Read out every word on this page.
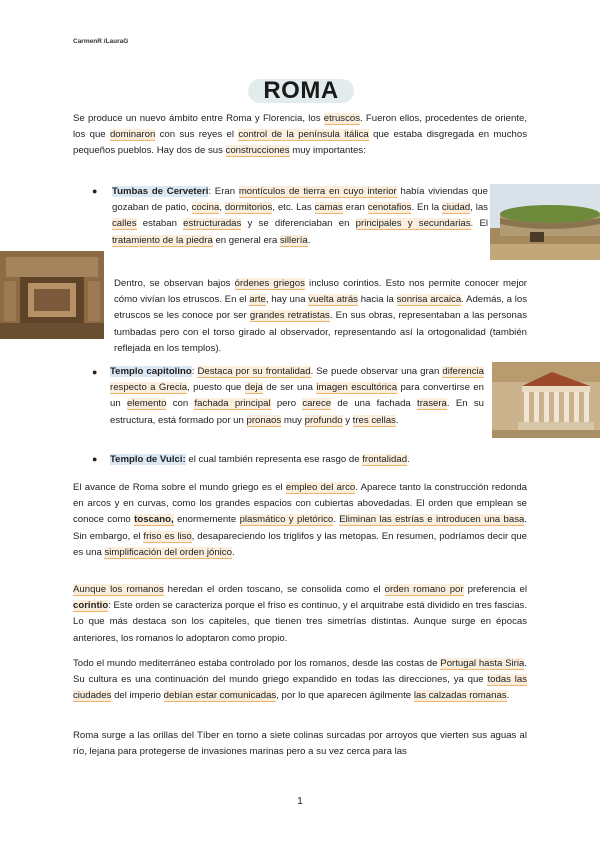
CarmenR /LauraG
ROMA

Se produce un nuevo ámbito entre Roma y Florencia, los etruscos. Fueron ellos, procedentes de oriente, los que dominaron con sus reyes el control de la península itálica que estaba disgregada en muchos pequeños pueblos. Hay dos de sus construcciones muy importantes:

● Tumbas de Cerveteri: Eran montículos de tierra en cuyo interior había viviendas que gozaban de patio, cocina, dormitorios, etc. Las camas eran cenotafios. En la ciudad, las calles estaban estructuradas y se diferenciaban en principales y secundarias. El tratamiento de la piedra en general era sillería.

Dentro, se observan bajos órdenes griegos incluso corintios. Esto nos permite conocer mejor cómo vivían los etruscos. En el arte, hay una vuelta atrás hacia la sonrisa arcaica. Además, a los etruscos se les conoce por ser grandes retratistas. En sus obras, representaban a las personas tumbadas pero con el torso girado al observador, representando así la ortogonalidad (también reflejada en los templos).

● Templo capitolino: Destaca por su frontalidad. Se puede observar una gran diferencia respecto a Grecia, puesto que deja de ser una imagen escultórica para convertirse en un elemento con fachada principal pero carece de una fachada trasera. En su estructura, está formado por un pronaos muy profundo y tres cellas.

● Templo de Vulci: el cual también representa ese rasgo de frontalidad.

El avance de Roma sobre el mundo griego es el empleo del arco. Aparece tanto la construcción redonda en arcos y en curvas, como los grandes espacios con cubiertas abovedadas. El orden que emplean se conoce como toscano, enormemente plasmático y pletórico. Eliminan las estrías e introducen una basa. Sin embargo, el friso es liso, desapareciendo los triglifos y las metopas. En resumen, podríamos decir que es una simplificación del orden jónico.

Aunque los romanos heredan el orden toscano, se consolida como el orden romano por preferencia el corintio: Este orden se caracteriza porque el friso es continuo, y el arquitrabe está dividido en tres fascias. Lo que más destaca son los capiteles, que tienen tres simetrías distintas. Aunque surge en épocas anteriores, los romanos lo adoptaron como propio.

Todo el mundo mediterráneo estaba controlado por los romanos, desde las costas de Portugal hasta Siria. Su cultura es una continuación del mundo griego expandido en todas las direcciones, ya que todas las ciudades del imperio debían estar comunicadas, por lo que aparecen ágilmente las calzadas romanas.

Roma surge a las orillas del Tíber en torno a siete colinas surcadas por arroyos que vierten sus aguas al río, lejana para protegerse de invasiones marinas pero a su vez cerca para las

1
